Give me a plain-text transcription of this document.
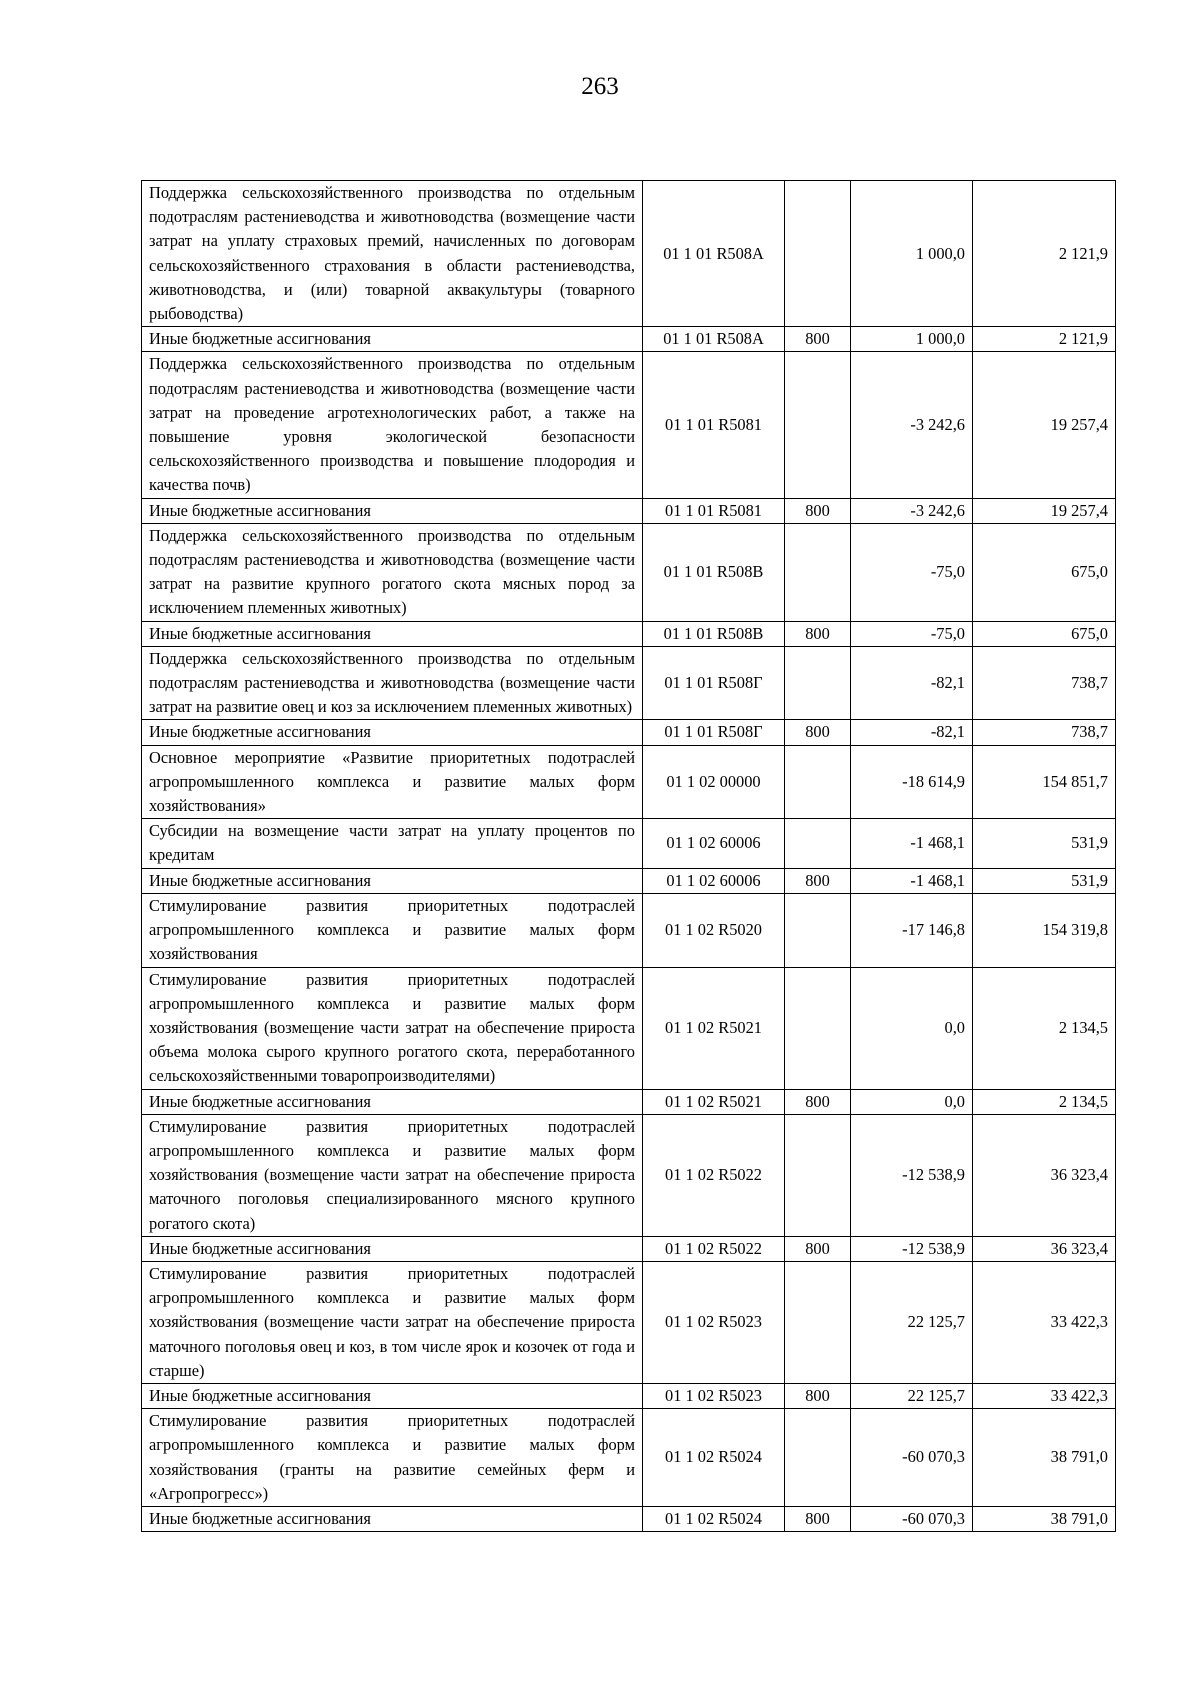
263
Поддержка сельскохозяйственного производства по отдельным подотраслям растениеводства и животноводства (возмещение части затрат на уплату страховых премий, начисленных по договорам сельскохозяйственного страхования в области растениеводства, животноводства, и (или) товарной аквакультуры (товарного рыбоводства)	01 1 01 R508А		1 000,0	2 121,9
Иные бюджетные ассигнования	01 1 01 R508А	800	1 000,0	2 121,9
Поддержка сельскохозяйственного производства по отдельным подотраслям растениеводства и животноводства (возмещение части затрат на проведение агротехнологических работ, а также на повышение уровня экологической безопасности сельскохозяйственного производства и повышение плодородия и качества почв)	01 1 01 R5081		-3 242,6	19 257,4
Иные бюджетные ассигнования	01 1 01 R5081	800	-3 242,6	19 257,4
Поддержка сельскохозяйственного производства по отдельным подотраслям растениеводства и животноводства (возмещение части затрат на развитие крупного рогатого скота мясных пород за исключением племенных животных)	01 1 01 R508В		-75,0	675,0
Иные бюджетные ассигнования	01 1 01 R508В	800	-75,0	675,0
Поддержка сельскохозяйственного производства по отдельным подотраслям растениеводства и животноводства (возмещение части затрат на развитие овец и коз за исключением племенных животных)	01 1 01 R508Г		-82,1	738,7
Иные бюджетные ассигнования	01 1 01 R508Г	800	-82,1	738,7
Основное мероприятие «Развитие приоритетных подотраслей агропромышленного комплекса и развитие малых форм хозяйствования»	01 1 02 00000		-18 614,9	154 851,7
Субсидии на возмещение части затрат на уплату процентов по кредитам	01 1 02 60006		-1 468,1	531,9
Иные бюджетные ассигнования	01 1 02 60006	800	-1 468,1	531,9
Стимулирование развития приоритетных подотраслей агропромышленного комплекса и развитие малых форм хозяйствования	01 1 02 R5020		-17 146,8	154 319,8
Стимулирование развития приоритетных подотраслей агропромышленного комплекса и развитие малых форм хозяйствования (возмещение части затрат на обеспечение прироста объема молока сырого крупного рогатого скота, переработанного сельскохозяйственными товаропроизводителями)	01 1 02 R5021		0,0	2 134,5
Иные бюджетные ассигнования	01 1 02 R5021	800	0,0	2 134,5
Стимулирование развития приоритетных подотраслей агропромышленного комплекса и развитие малых форм хозяйствования (возмещение части затрат на обеспечение прироста маточного поголовья специализированного мясного крупного рогатого скота)	01 1 02 R5022		-12 538,9	36 323,4
Иные бюджетные ассигнования	01 1 02 R5022	800	-12 538,9	36 323,4
Стимулирование развития приоритетных подотраслей агропромышленного комплекса и развитие малых форм хозяйствования (возмещение части затрат на обеспечение прироста маточного поголовья овец и коз, в том числе ярок и козочек от года и старше)	01 1 02 R5023		22 125,7	33 422,3
Иные бюджетные ассигнования	01 1 02 R5023	800	22 125,7	33 422,3
Стимулирование развития приоритетных подотраслей агропромышленного комплекса и развитие малых форм хозяйствования (гранты на развитие семейных ферм и «Агропрогресс»)	01 1 02 R5024		-60 070,3	38 791,0
Иные бюджетные ассигнования	01 1 02 R5024	800	-60 070,3	38 791,0
